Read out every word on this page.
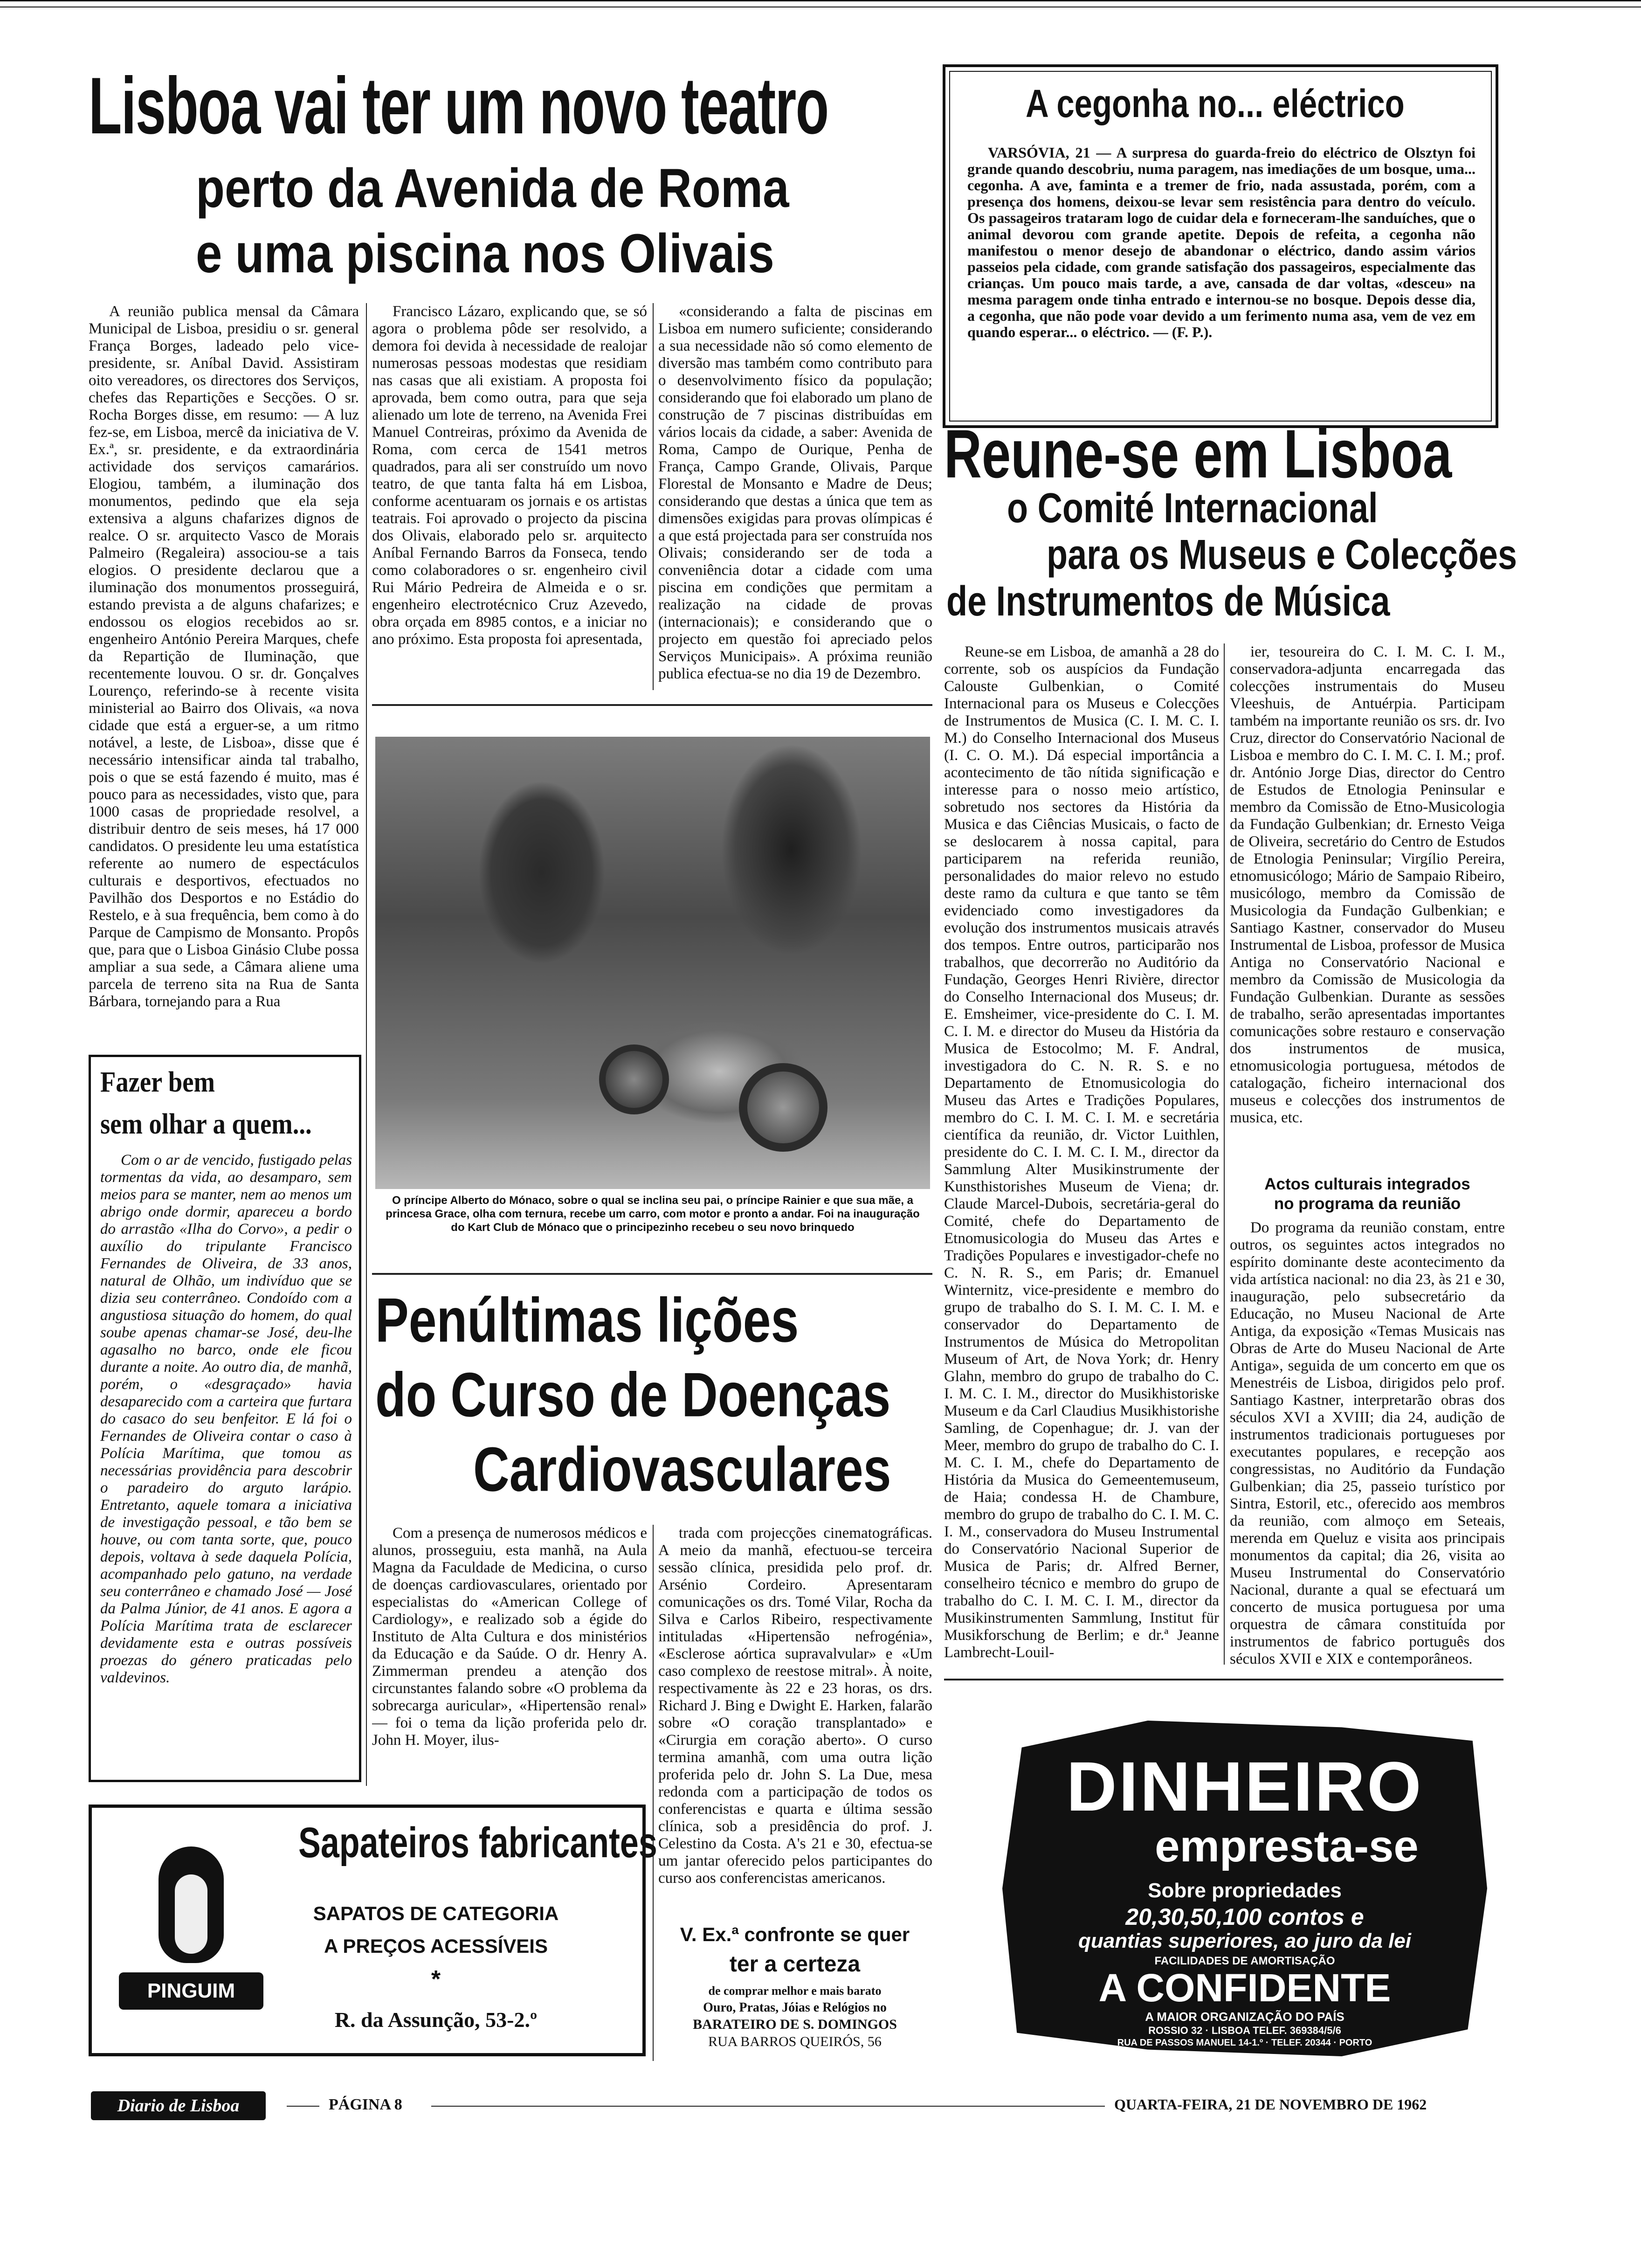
Lisboa vai ter um novo teatro
perto da Avenida de Roma
e uma piscina nos Olivais

A reunião publica mensal da Câmara Municipal de Lisboa, presidiu o sr. general França Borges, ladeado pelo vice-presidente, sr. Aníbal David. Assistiram oito vereadores, os directores dos Serviços, chefes das Repartições e Secções. O sr. Rocha Borges disse, em resumo: — A luz fez-se, em Lisboa, mercê da iniciativa de V. Ex.ª, sr. presidente, e da extraordinária actividade dos serviços camarários. Elogiou, também, a iluminação dos monumentos, pedindo que ela seja extensiva a alguns chafarizes dignos de realce. O sr. arquitecto Vasco de Morais Palmeiro (Regaleira) associou-se a tais elogios. O presidente declarou que a iluminação dos monumentos prosseguirá, estando prevista a de alguns chafarizes; e endossou os elogios recebidos ao sr. engenheiro António Pereira Marques, chefe da Repartição de Iluminação, que recentemente louvou. O sr. dr. Gonçalves Lourenço, referindo-se à recente visita ministerial ao Bairro dos Olivais, «a nova cidade que está a erguer-se, a um ritmo notável, a leste, de Lisboa», disse que é necessário intensificar ainda tal trabalho, pois o que se está fazendo é muito, mas é pouco para as necessidades, visto que, para 1000 casas de propriedade resolvel, a distribuir dentro de seis meses, há 17 000 candidatos. O presidente leu uma estatística referente ao numero de espectáculos culturais e desportivos, efectuados no Pavilhão dos Desportos e no Estádio do Restelo, e à sua frequência, bem como à do Parque de Campismo de Monsanto. Propôs que, para que o Lisboa Ginásio Clube possa ampliar a sua sede, a Câmara aliene uma parcela de terreno sita na Rua de Santa Bárbara, tornejando para a Rua

Francisco Lázaro, explicando que, se só agora o problema pôde ser resolvido, a demora foi devida à necessidade de realojar numerosas pessoas modestas que residiam nas casas que ali existiam. A proposta foi aprovada, bem como outra, para que seja alienado um lote de terreno, na Avenida Frei Manuel Contreiras, próximo da Avenida de Roma, com cerca de 1541 metros quadrados, para ali ser construído um novo teatro, de que tanta falta há em Lisboa, conforme acentuaram os jornais e os artistas teatrais. Foi aprovado o projecto da piscina dos Olivais, elaborado pelo sr. arquitecto Aníbal Fernando Barros da Fonseca, tendo como colaboradores o sr. engenheiro civil Rui Mário Pedreira de Almeida e o sr. engenheiro electrotécnico Cruz Azevedo, obra orçada em 8985 contos, e a iniciar no ano próximo. Esta proposta foi apresentada,

«considerando a falta de piscinas em Lisboa em numero suficiente; considerando a sua necessidade não só como elemento de diversão mas também como contributo para o desenvolvimento físico da população; considerando que foi elaborado um plano de construção de 7 piscinas distribuídas em vários locais da cidade, a saber: Avenida de Roma, Campo de Ourique, Penha de França, Campo Grande, Olivais, Parque Florestal de Monsanto e Madre de Deus; considerando que destas a única que tem as dimensões exigidas para provas olímpicas é a que está projectada para ser construída nos Olivais; considerando ser de toda a conveniência dotar a cidade com uma piscina em condições que permitam a realização na cidade de provas (internacionais); e considerando que o projecto em questão foi apreciado pelos Serviços Municipais». A próxima reunião publica efectua-se no dia 19 de Dezembro.

O príncipe Alberto do Mónaco, sobre o qual se inclina seu pai, o príncipe Rainier e que sua mãe, a princesa Grace, olha com ternura, recebe um carro, com motor e pronto a andar. Foi na inauguração do Kart Club de Mónaco que o principezinho recebeu o seu novo brinquedo
Fazer bem
sem olhar a quem...

Com o ar de vencido, fustigado pelas tormentas da vida, ao desamparo, sem meios para se manter, nem ao menos um abrigo onde dormir, apareceu a bordo do arrastão «Ilha do Corvo», a pedir o auxílio do tripulante Francisco Fernandes de Oliveira, de 33 anos, natural de Olhão, um indivíduo que se dizia seu conterrâneo. Condoído com a angustiosa situação do homem, do qual soube apenas chamar-se José, deu-lhe agasalho no barco, onde ele ficou durante a noite. Ao outro dia, de manhã, porém, o «desgraçado» havia desaparecido com a carteira que furtara do casaco do seu benfeitor. E lá foi o Fernandes de Oliveira contar o caso à Polícia Marítima, que tomou as necessárias providência para descobrir o paradeiro do arguto larápio. Entretanto, aquele tomara a iniciativa de investigação pessoal, e tão bem se houve, ou com tanta sorte, que, pouco depois, voltava à sede daquela Polícia, acompanhado pelo gatuno, na verdade seu conterrâneo e chamado José — José da Palma Júnior, de 41 anos. E agora a Polícia Marítima trata de esclarecer devidamente esta e outras possíveis proezas do género praticadas pelo valdevinos.

Penúltimas lições
do Curso de Doenças
Cardiovasculares

Com a presença de numerosos médicos e alunos, prosseguiu, esta manhã, na Aula Magna da Faculdade de Medicina, o curso de doenças cardiovasculares, orientado por especialistas do «American College of Cardiology», e realizado sob a égide do Instituto de Alta Cultura e dos ministérios da Educação e da Saúde. O dr. Henry A. Zimmerman prendeu a atenção dos circunstantes falando sobre «O problema da sobrecarga auricular», «Hipertensão renal» — foi o tema da lição proferida pelo dr. John H. Moyer, ilus-

trada com projecções cinematográficas. A meio da manhã, efectuou-se terceira sessão clínica, presidida pelo prof. dr. Arsénio Cordeiro. Apresentaram comunicações os drs. Tomé Vilar, Rocha da Silva e Carlos Ribeiro, respectivamente intituladas «Hipertensão nefrogénia», «Esclerose aórtica supravalvular» e «Um caso complexo de reestose mitral». À noite, respectivamente às 22 e 23 horas, os drs. Richard J. Bing e Dwight E. Harken, falarão sobre «O coração transplantado» e «Cirurgia em coração aberto». O curso termina amanhã, com uma outra lição proferida pelo dr. John S. La Due, mesa redonda com a participação de todos os conferencistas e quarta e última sessão clínica, sob a presidência do prof. J. Celestino da Costa. A's 21 e 30, efectua-se um jantar oferecido pelos participantes do curso aos conferencistas americanos.

PINGUIM
Sapateiros fabricantes
SAPATOS DE CATEGORIA
A PREÇOS ACESSÍVEIS
*
R. da Assunção, 53-2.º
V. Ex.ª confronte se quer
ter a certeza
de comprar melhor e mais barato
Ouro, Pratas, Jóias e Relógios no
BARATEIRO DE S. DOMINGOS
RUA BARROS QUEIRÓS, 56
A cegonha no... eléctrico

VARSÓVIA, 21 — A surpresa do guarda-freio do eléctrico de Olsztyn foi grande quando descobriu, numa paragem, nas imediações de um bosque, uma... cegonha. A ave, faminta e a tremer de frio, nada assustada, porém, com a presença dos homens, deixou-se levar sem resistência para dentro do veículo. Os passageiros trataram logo de cuidar dela e forneceram-lhe sanduíches, que o animal devorou com grande apetite. Depois de refeita, a cegonha não manifestou o menor desejo de abandonar o eléctrico, dando assim vários passeios pela cidade, com grande satisfação dos passageiros, especialmente das crianças. Um pouco mais tarde, a ave, cansada de dar voltas, «desceu» na mesma paragem onde tinha entrado e internou-se no bosque. Depois desse dia, a cegonha, que não pode voar devido a um ferimento numa asa, vem de vez em quando esperar... o eléctrico. — (F. P.).

Reune-se em Lisboa
o Comité Internacional
para os Museus e Colecções
de Instrumentos de Música

Reune-se em Lisboa, de amanhã a 28 do corrente, sob os auspícios da Fundação Calouste Gulbenkian, o Comité Internacional para os Museus e Colecções de Instrumentos de Musica (C. I. M. C. I. M.) do Conselho Internacional dos Museus (I. C. O. M.). Dá especial importância a acontecimento de tão nítida significação e interesse para o nosso meio artístico, sobretudo nos sectores da História da Musica e das Ciências Musicais, o facto de se deslocarem à nossa capital, para participarem na referida reunião, personalidades do maior relevo no estudo deste ramo da cultura e que tanto se têm evidenciado como investigadores da evolução dos instrumentos musicais através dos tempos. Entre outros, participarão nos trabalhos, que decorrerão no Auditório da Fundação, Georges Henri Rivière, director do Conselho Internacional dos Museus; dr. E. Emsheimer, vice-presidente do C. I. M. C. I. M. e director do Museu da História da Musica de Estocolmo; M. F. Andral, investigadora do C. N. R. S. e no Departamento de Etnomusicologia do Museu das Artes e Tradições Populares, membro do C. I. M. C. I. M. e secretária científica da reunião, dr. Victor Luithlen, presidente do C. I. M. C. I. M., director da Sammlung Alter Musikinstrumente der Kunsthistorishes Museum de Viena; dr. Claude Marcel-Dubois, secretária-geral do Comité, chefe do Departamento de Etnomusicologia do Museu das Artes e Tradições Populares e investigador-chefe no C. N. R. S., em Paris; dr. Emanuel Winternitz, vice-presidente e membro do grupo de trabalho do S. I. M. C. I. M. e conservador do Departamento de Instrumentos de Música do Metropolitan Museum of Art, de Nova York; dr. Henry Glahn, membro do grupo de trabalho do C. I. M. C. I. M., director do Musikhistoriske Museum e da Carl Claudius Musikhistorishe Samling, de Copenhague; dr. J. van der Meer, membro do grupo de trabalho do C. I. M. C. I. M., chefe do Departamento de História da Musica do Gemeentemuseum, de Haia; condessa H. de Chambure, membro do grupo de trabalho do C. I. M. C. I. M., conservadora do Museu Instrumental do Conservatório Nacional Superior de Musica de Paris; dr. Alfred Berner, conselheiro técnico e membro do grupo de trabalho do C. I. M. C. I. M., director da Musikinstrumenten Sammlung, Institut für Musikforschung de Berlim; e dr.ª Jeanne Lambrecht-Louil-

ier, tesoureira do C. I. M. C. I. M., conservadora-adjunta encarregada das colecções instrumentais do Museu Vleeshuis, de Antuérpia. Participam também na importante reunião os srs. dr. Ivo Cruz, director do Conservatório Nacional de Lisboa e membro do C. I. M. C. I. M.; prof. dr. António Jorge Dias, director do Centro de Estudos de Etnologia Peninsular e membro da Comissão de Etno-Musicologia da Fundação Gulbenkian; dr. Ernesto Veiga de Oliveira, secretário do Centro de Estudos de Etnologia Peninsular; Virgílio Pereira, etnomusicólogo; Mário de Sampaio Ribeiro, musicólogo, membro da Comissão de Musicologia da Fundação Gulbenkian; e Santiago Kastner, conservador do Museu Instrumental de Lisboa, professor de Musica Antiga no Conservatório Nacional e membro da Comissão de Musicologia da Fundação Gulbenkian. Durante as sessões de trabalho, serão apresentadas importantes comunicações sobre restauro e conservação dos instrumentos de musica, etnomusicologia portuguesa, métodos de catalogação, ficheiro internacional dos museus e colecções dos instrumentos de musica, etc.

Actos culturais integrados
no programa da reunião

Do programa da reunião constam, entre outros, os seguintes actos integrados no espírito dominante deste acontecimento da vida artística nacional: no dia 23, às 21 e 30, inauguração, pelo subsecretário da Educação, no Museu Nacional de Arte Antiga, da exposição «Temas Musicais nas Obras de Arte do Museu Nacional de Arte Antiga», seguida de um concerto em que os Menestréis de Lisboa, dirigidos pelo prof. Santiago Kastner, interpretarão obras dos séculos XVI a XVIII; dia 24, audição de instrumentos tradicionais portugueses por executantes populares, e recepção aos congressistas, no Auditório da Fundação Gulbenkian; dia 25, passeio turístico por Sintra, Estoril, etc., oferecido aos membros da reunião, com almoço em Seteais, merenda em Queluz e visita aos principais monumentos da capital; dia 26, visita ao Museu Instrumental do Conservatório Nacional, durante a qual se efectuará um concerto de musica portuguesa por uma orquestra de câmara constituída por instrumentos de fabrico português dos séculos XVII e XIX e contemporâneos.

DINHEIRO
empresta-se
Sobre propriedades
20,30,50,100 contos e
quantias superiores, ao juro da lei
FACILIDADES DE AMORTISAÇÃO
A CONFIDENTE
A MAIOR ORGANIZAÇÃO DO PAÍS
ROSSIO 32 · LISBOA TELEF. 369384/5/6
RUA DE PASSOS MANUEL 14-1.º · TELEF. 20344 · PORTO
Diario de Lisboa	PÁGINA 8	QUARTA-FEIRA, 21 DE NOVEMBRO DE 1962
